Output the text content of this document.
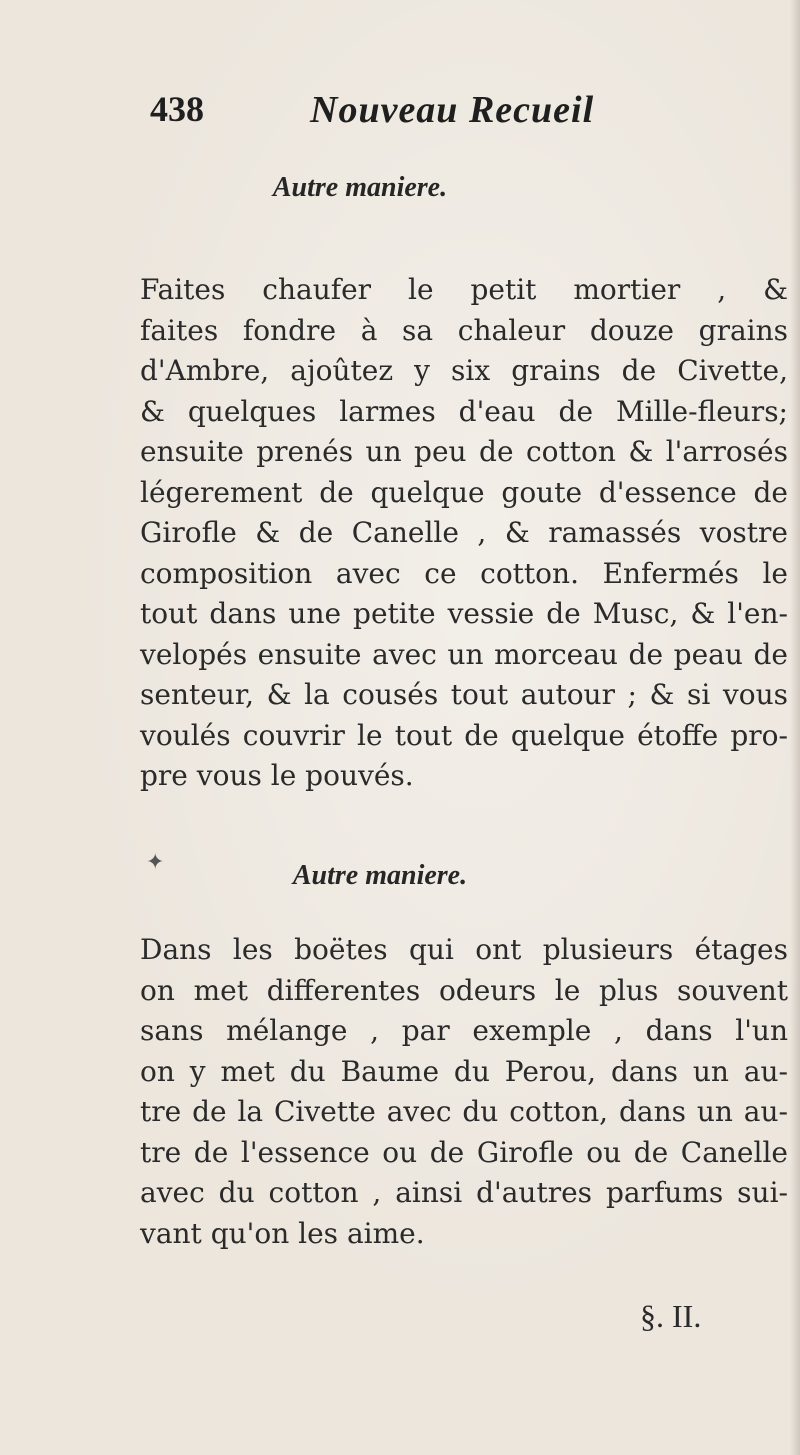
438	Nouveau Recueil
Autre maniere.
Faites chaufer le petit mortier , &
faites fondre à sa chaleur douze grains
d'Ambre, ajoûtez y six grains de Civette,
& quelques larmes d'eau de Mille-fleurs;
ensuite prenés un peu de cotton & l'arrosés
légerement de quelque goute d'essence de
Girofle & de Canelle , & ramassés vostre
composition avec ce cotton. Enfermés le
tout dans une petite vessie de Musc, & l'en-
velopés ensuite avec un morceau de peau de
senteur, & la cousés tout autour ; & si vous
voulés couvrir le tout de quelque étoffe pro-
pre vous le pouvés.
✦	Autre maniere.
Dans les boëtes qui ont plusieurs étages
on met differentes odeurs le plus souvent
sans mélange , par exemple , dans l'un
on y met du Baume du Perou, dans un au-
tre de la Civette avec du cotton, dans un au-
tre de l'essence ou de Girofle ou de Canelle
avec du cotton , ainsi d'autres parfums sui-
vant qu'on les aime.
§. II.
